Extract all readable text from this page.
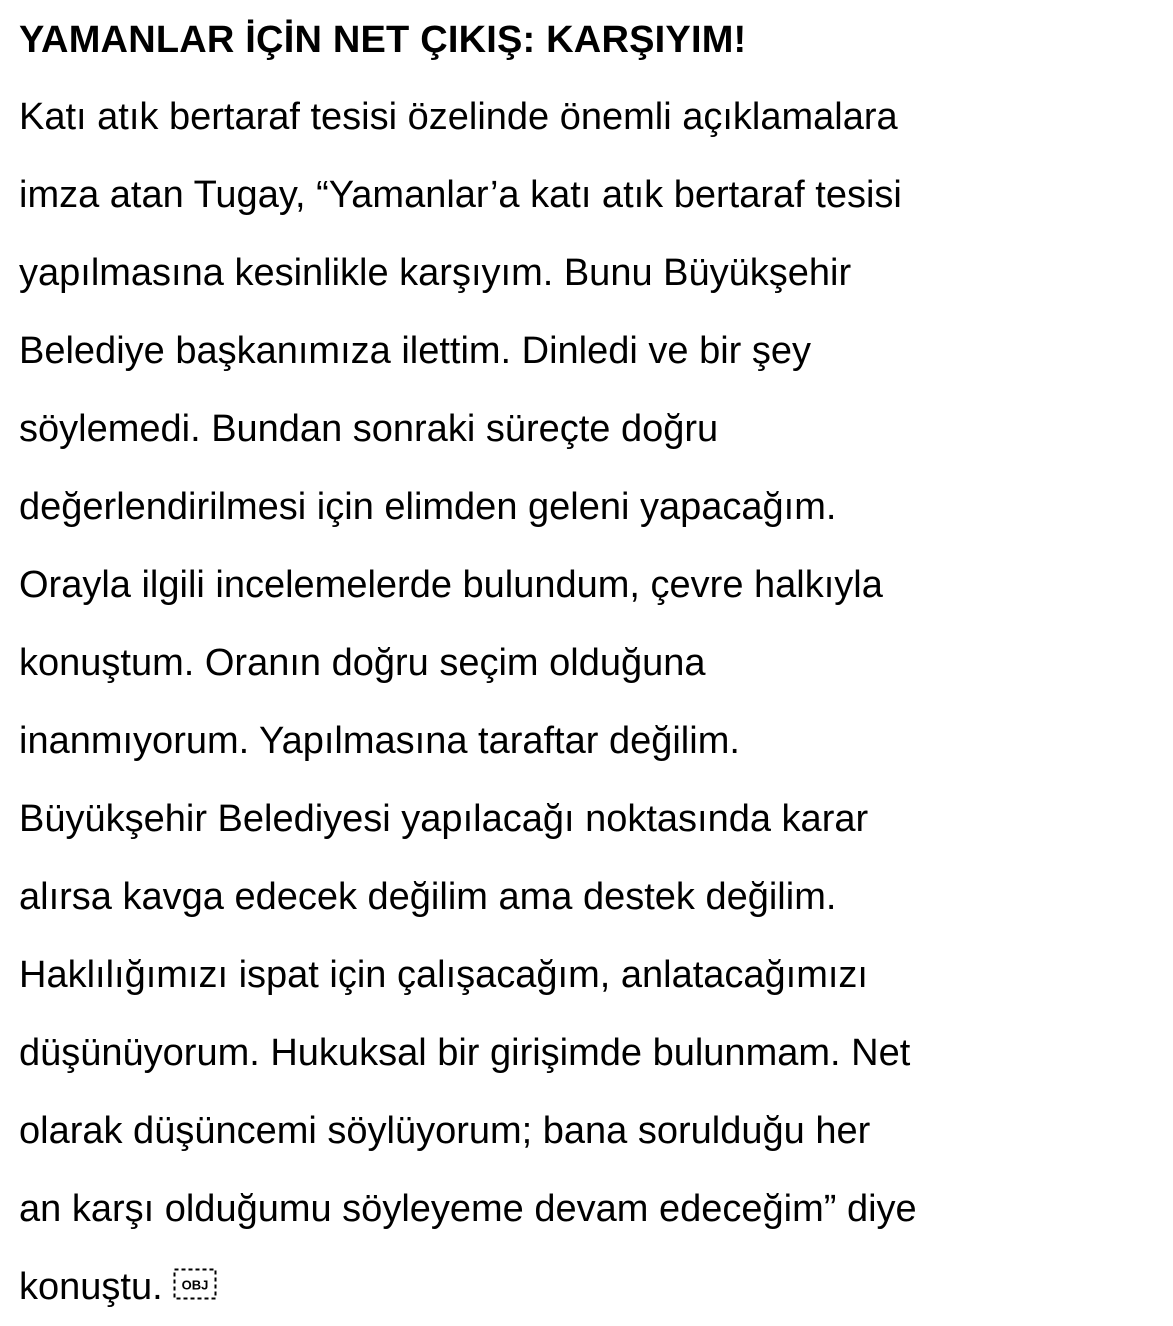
YAMANLAR İÇİN NET ÇIKIŞ: KARŞIYIM!
Katı atık bertaraf tesisi özelinde önemli açıklamalara
imza atan Tugay, “Yamanlar’a katı atık bertaraf tesisi
yapılmasına kesinlikle karşıyım. Bunu Büyükşehir
Belediye başkanımıza ilettim. Dinledi ve bir şey
söylemedi. Bundan sonraki süreçte doğru
değerlendirilmesi için elimden geleni yapacağım.
Orayla ilgili incelemelerde bulundum, çevre halkıyla
konuştum. Oranın doğru seçim olduğuna
inanmıyorum. Yapılmasına taraftar değilim.
Büyükşehir Belediyesi yapılacağı noktasında karar
alırsa kavga edecek değilim ama destek değilim.
Haklılığımızı ispat için çalışacağım, anlatacağımızı
düşünüyorum. Hukuksal bir girişimde bulunmam. Net
olarak düşüncemi söylüyorum; bana sorulduğu her
an karşı olduğumu söyleyeme devam edeceğim” diye
konuştu. OBJ
